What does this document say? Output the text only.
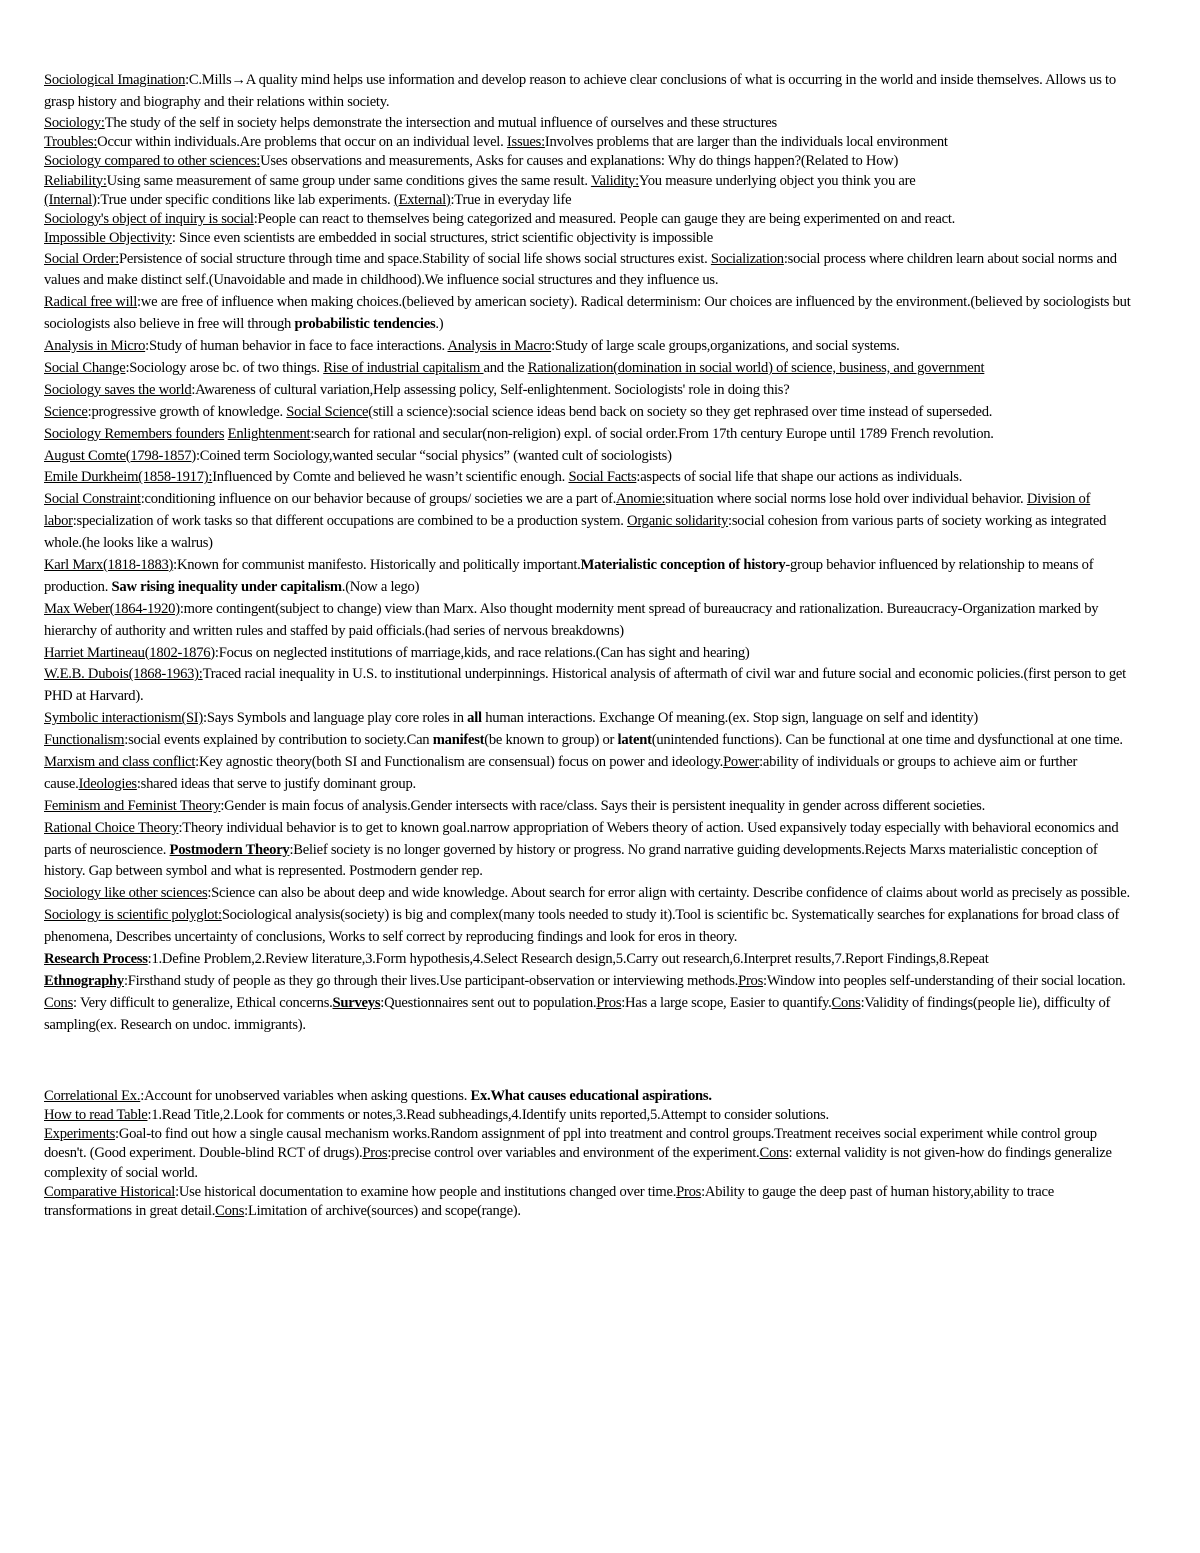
Sociological Imagination:C.Mills→A quality mind helps use information and develop reason to achieve clear conclusions of what is occurring in the world and inside themselves. Allows us to grasp history and biography and their relations within society.
Sociology:The study of the self in society helps demonstrate the intersection and mutual influence of ourselves and these structures
Troubles:Occur within individuals.Are problems that occur on an individual level. Issues:Involves problems that are larger than the individuals local environment
Sociology compared to other sciences:Uses observations and measurements, Asks for causes and explanations: Why do things happen?(Related to How)
Reliability:Using same measurement of same group under same conditions gives the same result. Validity:You measure underlying object you think you are
(Internal):True under specific conditions like lab experiments. (External):True in everyday life
Sociology's object of inquiry is social:People can react to themselves being categorized and measured. People can gauge they are being experimented on and react.
Impossible Objectivity: Since even scientists are embedded in social structures, strict scientific objectivity is impossible
Social Order:Persistence of social structure through time and space.Stability of social life shows social structures exist. Socialization:social process where children learn about social norms and values and make distinct self.(Unavoidable and made in childhood).We influence social structures and they influence us.
Radical free will:we are free of influence when making choices.(believed by american society). Radical determinism: Our choices are influenced by the environment.(believed by sociologists but sociologists also believe in free will through probabilistic tendencies.)
Analysis in Micro:Study of human behavior in face to face interactions. Analysis in Macro:Study of large scale groups,organizations, and social systems.
Social Change:Sociology arose bc. of two things. Rise of industrial capitalism and the Rationalization(domination in social world) of science, business, and government
Sociology saves the world:Awareness of cultural variation,Help assessing policy, Self-enlightenment. Sociologists' role in doing this?
Science:progressive growth of knowledge. Social Science(still a science):social science ideas bend back on society so they get rephrased over time instead of superseded.
Sociology Remembers founders Enlightenment:search for rational and secular(non-religion) expl. of social order.From 17th century Europe until 1789 French revolution.
August Comte(1798-1857):Coined term Sociology,wanted secular “social physics” (wanted cult of sociologists)
Emile Durkheim(1858-1917):Influenced by Comte and believed he wasn’t scientific enough. Social Facts:aspects of social life that shape our actions as individuals.
Social Constraint:conditioning influence on our behavior because of groups/ societies we are a part of.Anomie:situation where social norms lose hold over individual behavior. Division of labor:specialization of work tasks so that different occupations are combined to be a production system. Organic solidarity:social cohesion from various parts of society working as integrated whole.(he looks like a walrus)
Karl Marx(1818-1883):Known for communist manifesto. Historically and politically important.Materialistic conception of history-group behavior influenced by relationship to means of production. Saw rising inequality under capitalism.(Now a lego)
Max Weber(1864-1920):more contingent(subject to change) view than Marx. Also thought modernity ment spread of bureaucracy and rationalization. Bureaucracy-Organization marked by hierarchy of authority and written rules and staffed by paid officials.(had series of nervous breakdowns)
Harriet Martineau(1802-1876):Focus on neglected institutions of marriage,kids, and race relations.(Can has sight and hearing)
W.E.B. Dubois(1868-1963):Traced racial inequality in U.S. to institutional underpinnings. Historical analysis of aftermath of civil war and future social and economic policies.(first person to get PHD at Harvard).
Symbolic interactionism(SI):Says Symbols and language play core roles in all human interactions. Exchange Of meaning.(ex. Stop sign, language on self and identity)
Functionalism:social events explained by contribution to society.Can manifest(be known to group) or latent(unintended functions). Can be functional at one time and dysfunctional at one time.
Marxism and class conflict:Key agnostic theory(both SI and Functionalism are consensual) focus on power and ideology.Power:ability of individuals or groups to achieve aim or further cause.Ideologies:shared ideas that serve to justify dominant group.
Feminism and Feminist Theory:Gender is main focus of analysis.Gender intersects with race/class. Says their is persistent inequality in gender across different societies.
Rational Choice Theory:Theory individual behavior is to get to known goal.narrow appropriation of Webers theory of action. Used expansively today especially with behavioral economics and parts of neuroscience. Postmodern Theory:Belief society is no longer governed by history or progress. No grand narrative guiding developments.Rejects Marxs materialistic conception of history. Gap between symbol and what is represented. Postmodern gender rep.
Sociology like other sciences:Science can also be about deep and wide knowledge. About search for error align with certainty. Describe confidence of claims about world as precisely as possible.
Sociology is scientific polyglot:Sociological analysis(society) is big and complex(many tools needed to study it).Tool is scientific bc. Systematically searches for explanations for broad class of phenomena, Describes uncertainty of conclusions, Works to self correct by reproducing findings and look for eros in theory.
Research Process:1.Define Problem,2.Review literature,3.Form hypothesis,4.Select Research design,5.Carry out research,6.Interpret results,7.Report Findings,8.Repeat
Ethnography:Firsthand study of people as they go through their lives.Use participant-observation or interviewing methods.Pros:Window into peoples self-understanding of their social location. Cons: Very difficult to generalize, Ethical concerns.Surveys:Questionnaires sent out to population.Pros:Has a large scope, Easier to quantify.Cons:Validity of findings(people lie), difficulty of sampling(ex. Research on undoc. immigrants).
Correlational Ex.:Account for unobserved variables when asking questions. Ex.What causes educational aspirations.
How to read Table:1.Read Title,2.Look for comments or notes,3.Read subheadings,4.Identify units reported,5.Attempt to consider solutions.
Experiments:Goal-to find out how a single causal mechanism works.Random assignment of ppl into treatment and control groups.Treatment receives social experiment while control group doesn't. (Good experiment. Double-blind RCT of drugs).Pros:precise control over variables and environment of the experiment.Cons: external validity is not given-how do findings generalize complexity of social world.
Comparative Historical:Use historical documentation to examine how people and institutions changed over time.Pros:Ability to gauge the deep past of human history,ability to trace transformations in great detail.Cons:Limitation of archive(sources) and scope(range).
